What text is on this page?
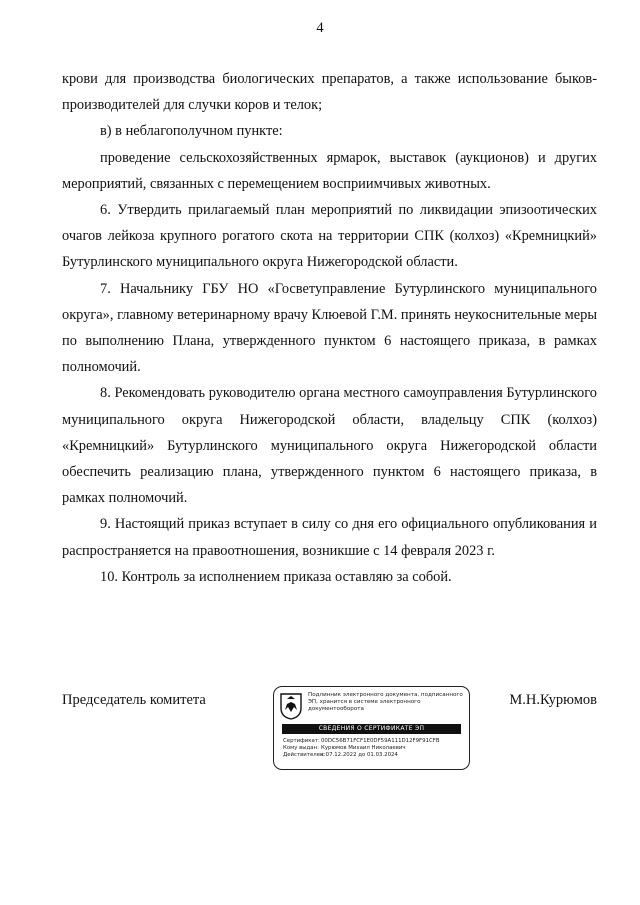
4

крови для производства биологических препаратов, а также использование быков-производителей для случки коров и телок;

в) в неблагополучном пункте:

проведение сельскохозяйственных ярмарок, выставок (аукционов) и других мероприятий, связанных с перемещением восприимчивых животных.

6. Утвердить прилагаемый план мероприятий по ликвидации эпизоотических очагов лейкоза крупного рогатого скота на территории СПК (колхоз) «Кремницкий» Бутурлинского муниципального округа Нижегородской области.

7. Начальнику ГБУ НО «Госветуправление Бутурлинского муниципального округа», главному ветеринарному врачу Клюевой Г.М. принять неукоснительные меры по выполнению Плана, утвержденного пунктом 6 настоящего приказа, в рамках полномочий.

8. Рекомендовать руководителю органа местного самоуправления Бутурлинского муниципального округа Нижегородской области, владельцу СПК (колхоз) «Кремницкий» Бутурлинского муниципального округа Нижегородской области обеспечить реализацию плана, утвержденного пунктом 6 настоящего приказа, в рамках полномочий.

9. Настоящий приказ вступает в силу со дня его официального опубликования и распространяется на правоотношения, возникшие с 14 февраля 2023 г.

10. Контроль за исполнением приказа оставляю за собой.

Председатель комитета	М.Н.Курюмов
Подлинник электронного документа, подписанного ЭП, хранится в системе электронного документооборота
СВЕДЕНИЯ О СЕРТИФИКАТЕ ЭП
Сертификат:00DC56B71FCF1E0DF59A111D12F9F91CFB
Кому выдан: Курюмов Михаил Николаевич
Действителен:с 07.12.2022 до 01.03.2024
